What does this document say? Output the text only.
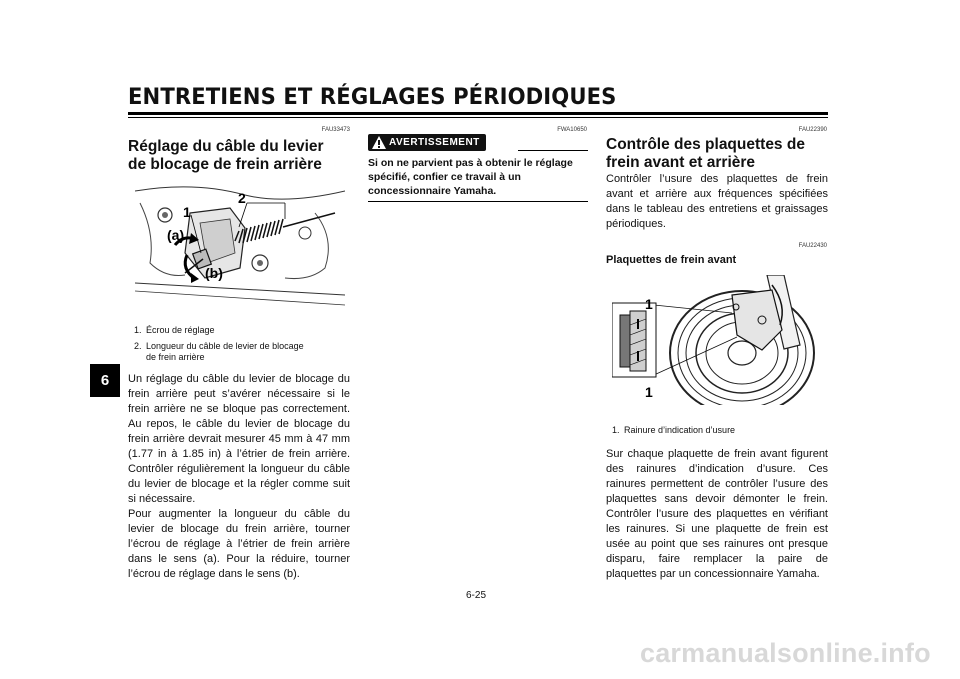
ENTRETIENS ET RÉGLAGES PÉRIODIQUES
6
FAU33473
Réglage du câble du levier de blocage de frein arrière
1
2
(a)
(b)
1. Écrou de réglage
2. Longueur du câble de levier de blocage
de frein arrière
Un réglage du câble du levier de blocage du frein arrière peut s’avérer nécessaire si le frein arrière ne se bloque pas correctement. Au repos, le câble du levier de blocage du frein arrière devrait mesurer 45 mm à 47 mm (1.77 in à 1.85 in) à l’étrier de frein arrière. Contrôler régulièrement la longueur du câble du levier de blocage et la régler comme suit si nécessaire.
Pour augmenter la longueur du câble du levier de blocage du frein arrière, tourner l’écrou de réglage à l’étrier de frein arrière dans le sens (a). Pour la réduire, tourner l’écrou de réglage dans le sens (b).
FWA10650
AVERTISSEMENT
Si on ne parvient pas à obtenir le réglage spécifié, confier ce travail à un concessionnaire Yamaha.
FAU22390
Contrôle des plaquettes de frein avant et arrière
Contrôler l’usure des plaquettes de frein avant et arrière aux fréquences spécifiées dans le tableau des entretiens et graissages périodiques.
FAU22430
Plaquettes de frein avant
1
1
1. Rainure d’indication d’usure
Sur chaque plaquette de frein avant figurent des rainures d’indication d’usure. Ces rainures permettent de contrôler l’usure des plaquettes sans devoir démonter le frein. Contrôler l’usure des plaquettes en vérifiant les rainures. Si une plaquette de frein est usée au point que ses rainures ont presque disparu, faire remplacer la paire de plaquettes par un concessionnaire Yamaha.
6-25
carmanualsonline.info
